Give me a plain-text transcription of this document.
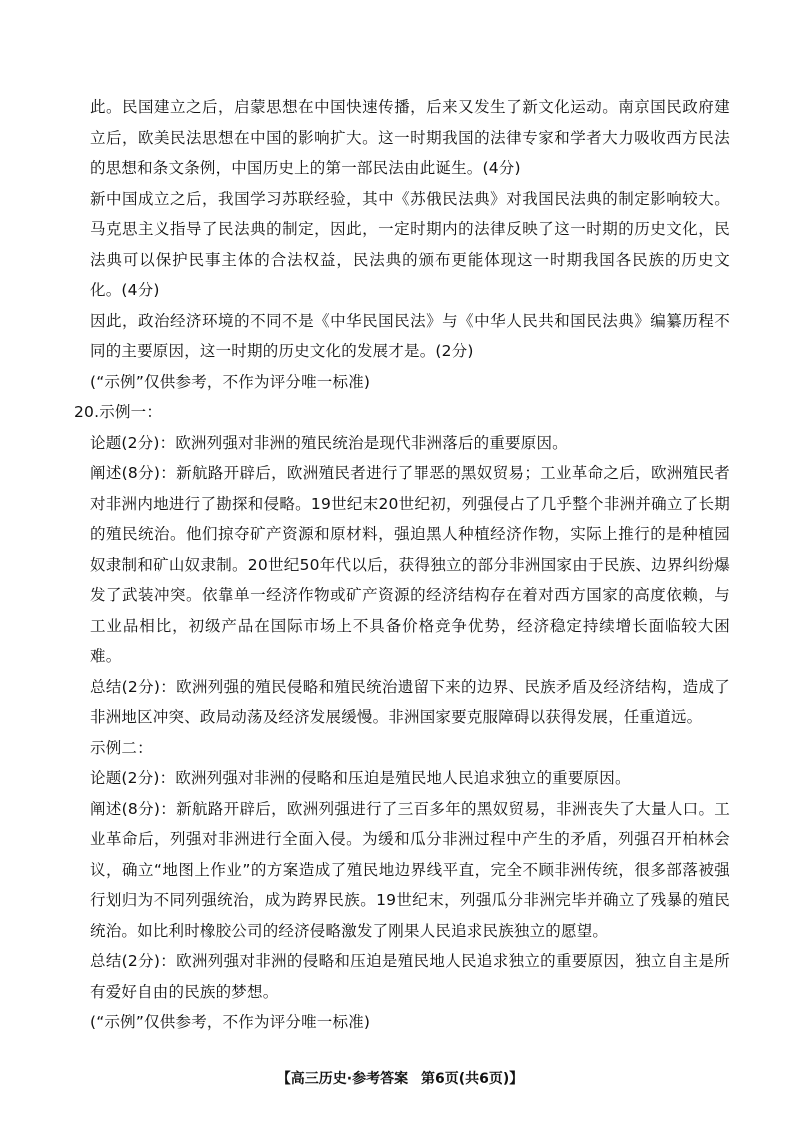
此。民国建立之后，启蒙思想在中国快速传播，后来又发生了新文化运动。南京国民政府建立后，欧美民法思想在中国的影响扩大。这一时期我国的法律专家和学者大力吸收西方民法的思想和条文条例，中国历史上的第一部民法由此诞生。(4分)

新中国成立之后，我国学习苏联经验，其中《苏俄民法典》对我国民法典的制定影响较大。马克思主义指导了民法典的制定，因此，一定时期内的法律反映了这一时期的历史文化，民法典可以保护民事主体的合法权益，民法典的颁布更能体现这一时期我国各民族的历史文化。(4分)

因此，政治经济环境的不同不是《中华民国民法》与《中华人民共和国民法典》编纂历程不同的主要原因，这一时期的历史文化的发展才是。(2分)

(“示例”仅供参考，不作为评分唯一标准)

20.示例一：

论题(2分)：欧洲列强对非洲的殖民统治是现代非洲落后的重要原因。

阐述(8分)：新航路开辟后，欧洲殖民者进行了罪恶的黑奴贸易；工业革命之后，欧洲殖民者对非洲内地进行了勘探和侵略。19世纪末20世纪初，列强侵占了几乎整个非洲并确立了长期的殖民统治。他们掠夺矿产资源和原材料，强迫黑人种植经济作物，实际上推行的是种植园奴隶制和矿山奴隶制。20世纪50年代以后，获得独立的部分非洲国家由于民族、边界纠纷爆发了武装冲突。依靠单一经济作物或矿产资源的经济结构存在着对西方国家的高度依赖，与工业品相比，初级产品在国际市场上不具备价格竞争优势，经济稳定持续增长面临较大困难。

总结(2分)：欧洲列强的殖民侵略和殖民统治遗留下来的边界、民族矛盾及经济结构，造成了非洲地区冲突、政局动荡及经济发展缓慢。非洲国家要克服障碍以获得发展，任重道远。

示例二：

论题(2分)：欧洲列强对非洲的侵略和压迫是殖民地人民追求独立的重要原因。

阐述(8分)：新航路开辟后，欧洲列强进行了三百多年的黑奴贸易，非洲丧失了大量人口。工业革命后，列强对非洲进行全面入侵。为缓和瓜分非洲过程中产生的矛盾，列强召开柏林会议，确立“地图上作业”的方案造成了殖民地边界线平直，完全不顾非洲传统，很多部落被强行划归为不同列强统治，成为跨界民族。19世纪末，列强瓜分非洲完毕并确立了残暴的殖民统治。如比利时橡胶公司的经济侵略激发了刚果人民追求民族独立的愿望。

总结(2分)：欧洲列强对非洲的侵略和压迫是殖民地人民追求独立的重要原因，独立自主是所有爱好自由的民族的梦想。

(“示例”仅供参考，不作为评分唯一标准)

【高三历史·参考答案 第6页(共6页)】
